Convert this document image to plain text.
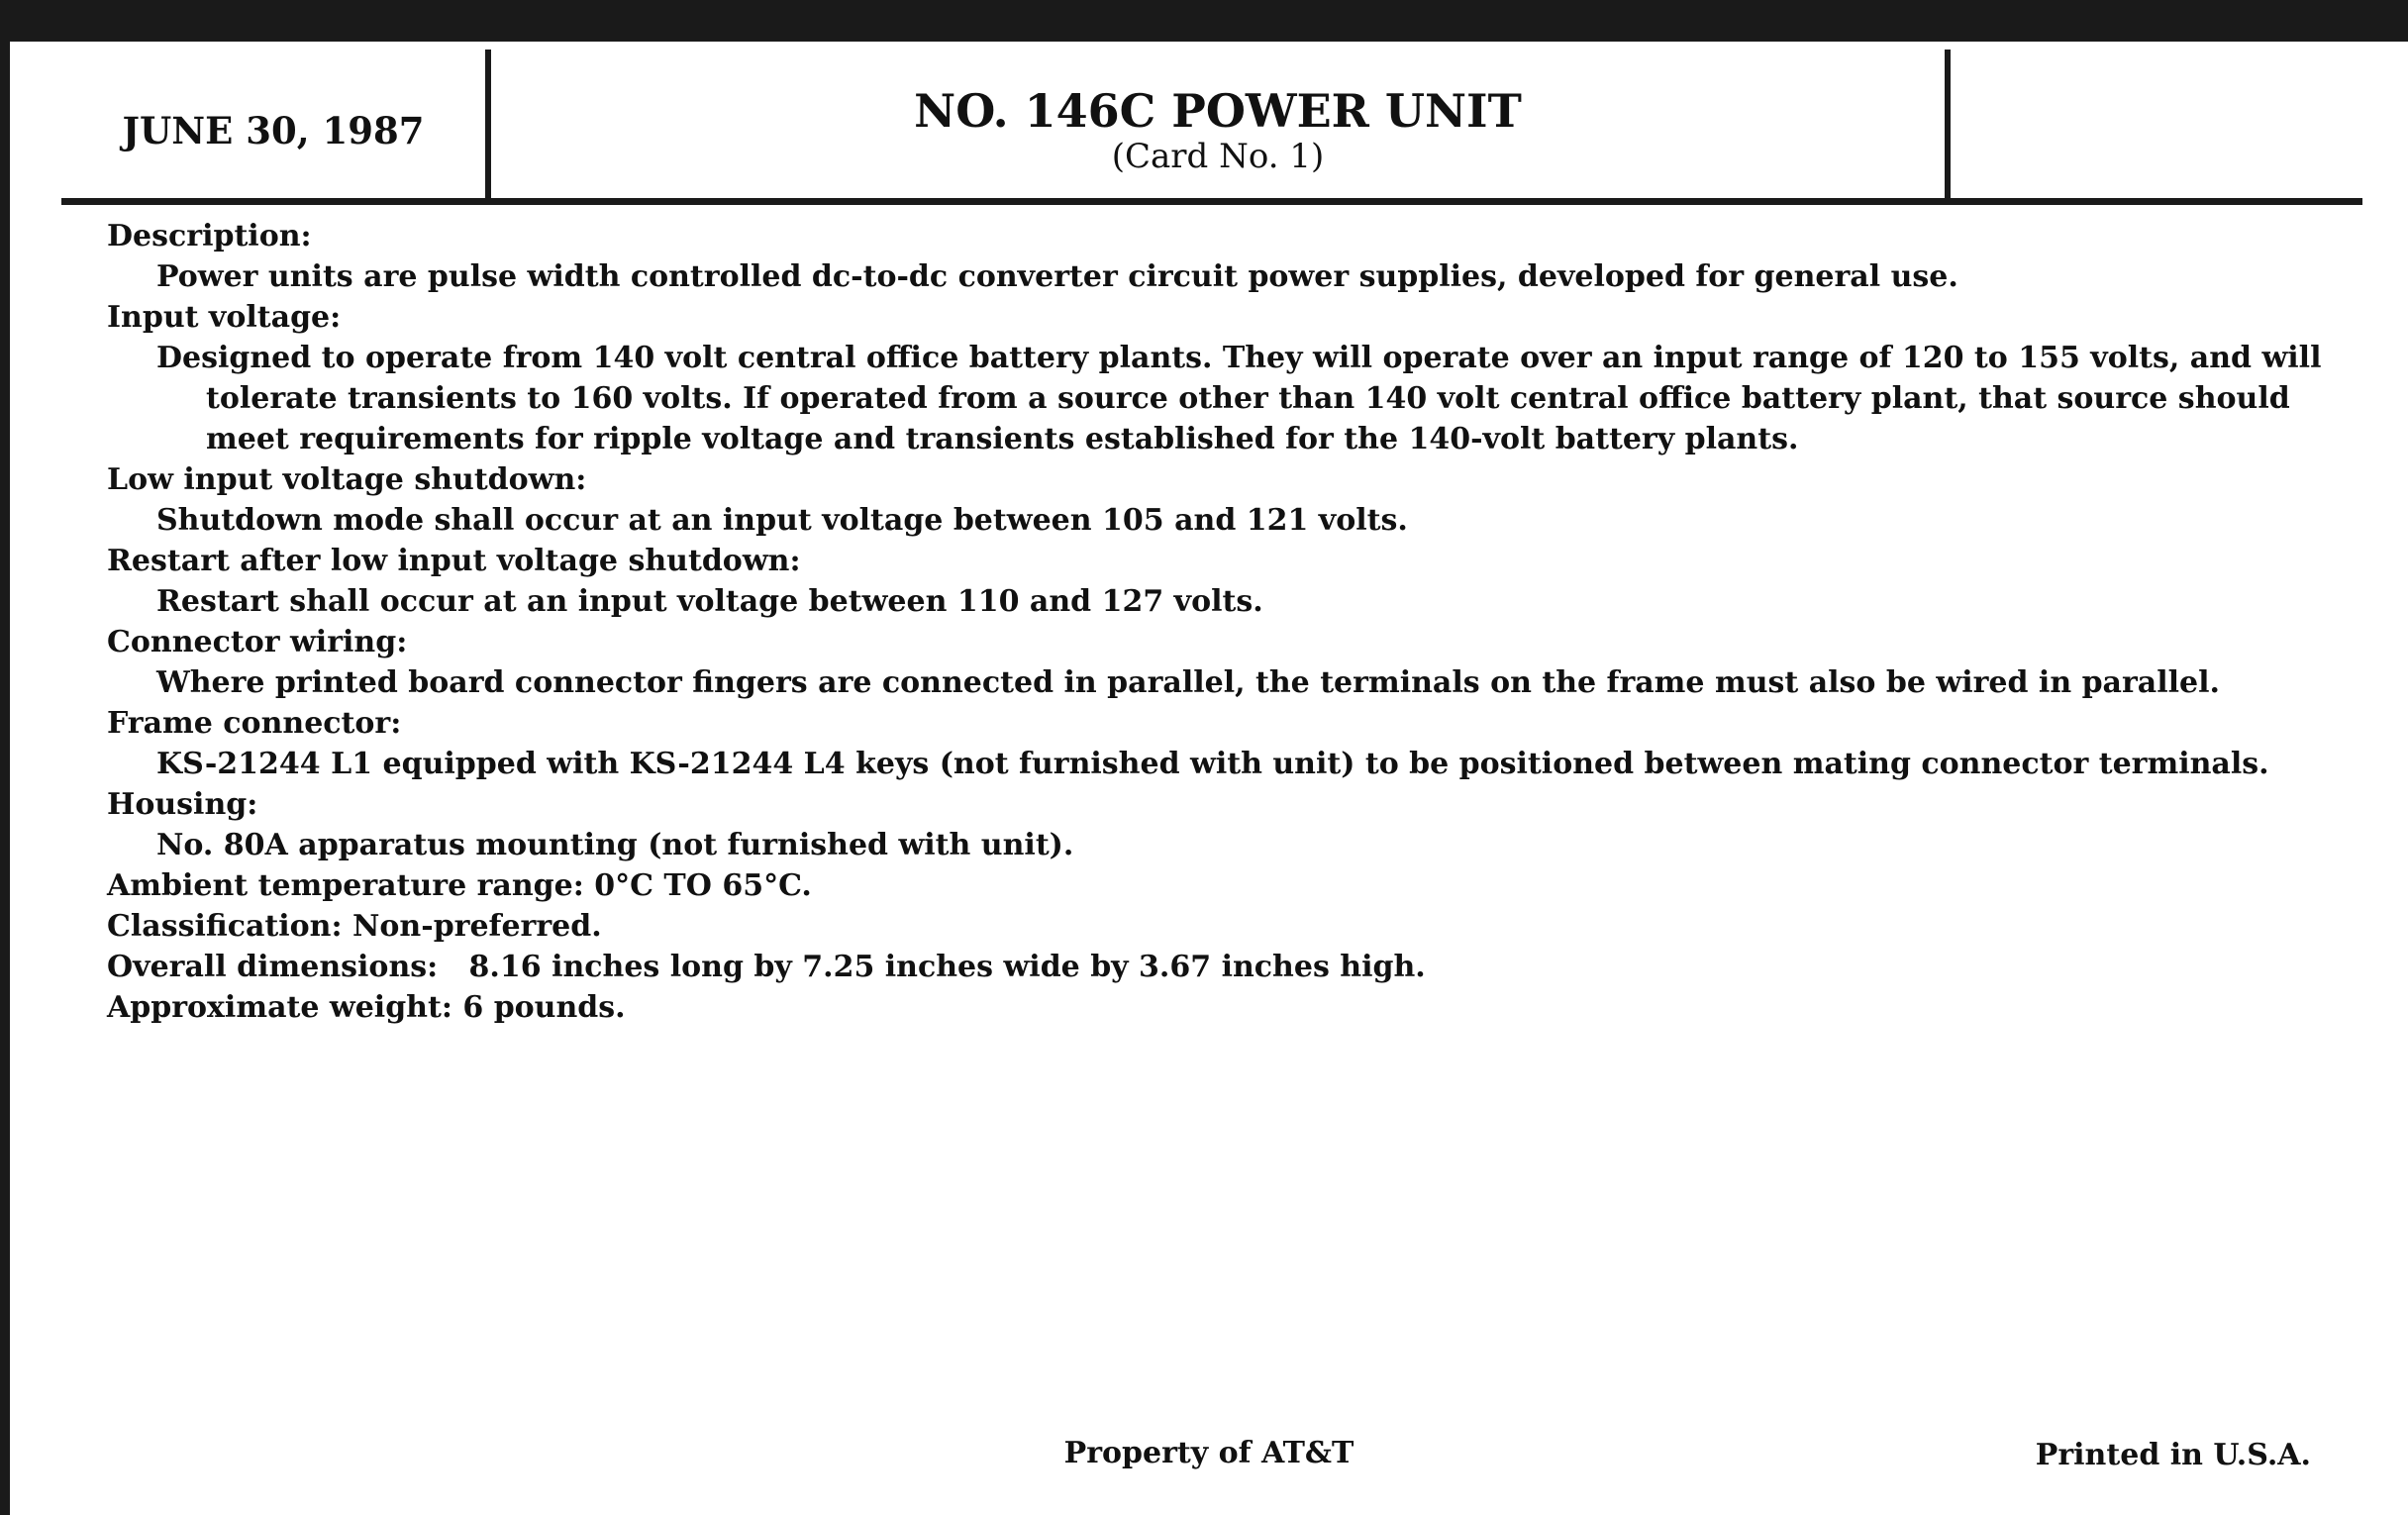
JUNE 30, 1987	NO. 146C POWER UNIT
(Card No. 1)

Description:

Power units are pulse width controlled dc-to-dc converter circuit power supplies, developed for general use.

Input voltage:

Designed to operate from 140 volt central office battery plants. They will operate over an input range of 120 to 155 volts, and will tolerate transients to 160 volts. If operated from a source other than 140 volt central office battery plant, that source should meet requirements for ripple voltage and transients established for the 140-volt battery plants.

Low input voltage shutdown:

Shutdown mode shall occur at an input voltage between 105 and 121 volts.

Restart after low input voltage shutdown:

Restart shall occur at an input voltage between 110 and 127 volts.

Connector wiring:

Where printed board connector fingers are connected in parallel, the terminals on the frame must also be wired in parallel.

Frame connector:

KS-21244 L1 equipped with KS-21244 L4 keys (not furnished with unit) to be positioned between mating connector terminals.

Housing:

No. 80A apparatus mounting (not furnished with unit).

Ambient temperature range: 0°C TO 65°C.

Classification: Non-preferred.

Overall dimensions:   8.16 inches long by 7.25 inches wide by 3.67 inches high.

Approximate weight: 6 pounds.

Property of AT&T	Printed in U.S.A.
